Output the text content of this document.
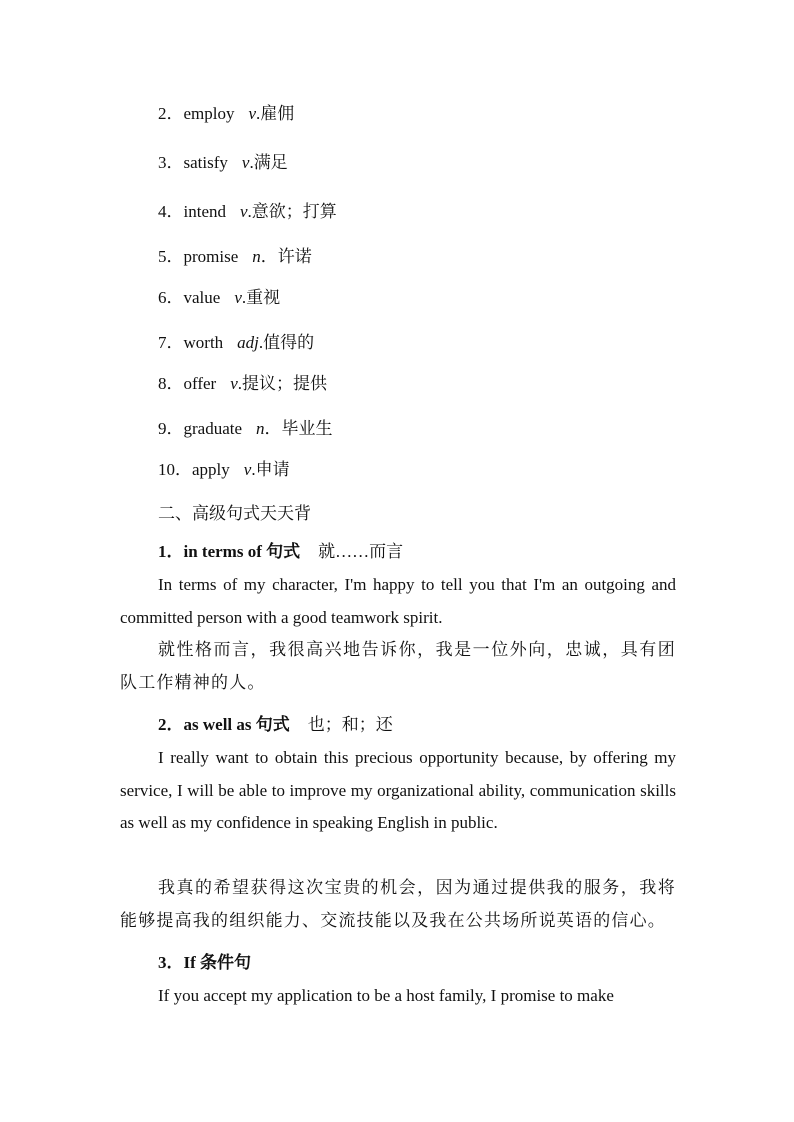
2．employ v.雇佣
3．satisfy v.满足
4．intend v.意欲；打算
5．promise n．许诺
6．value v.重视
7．worth adj.值得的
8．offer v.提议；提供
9．graduate n．毕业生
10．apply v.申请
二、高级句式天天背
1．in terms of 句式 就……而言

In terms of my character, I'm happy to tell you that I'm an outgoing and committed person with a good teamwork spirit.

就性格而言，我很高兴地告诉你，我是一位外向，忠诚，具有团队工作精神的人。

2．as well as 句式 也；和；还

I really want to obtain this precious opportunity because, by offering my service, I will be able to improve my organizational ability, communication skills as well as my confidence in speaking English in public.

我真的希望获得这次宝贵的机会，因为通过提供我的服务，我将能够提高我的组织能力、交流技能以及我在公共场所说英语的信心。

3．If 条件句

If you accept my application to be a host family, I promise to make
